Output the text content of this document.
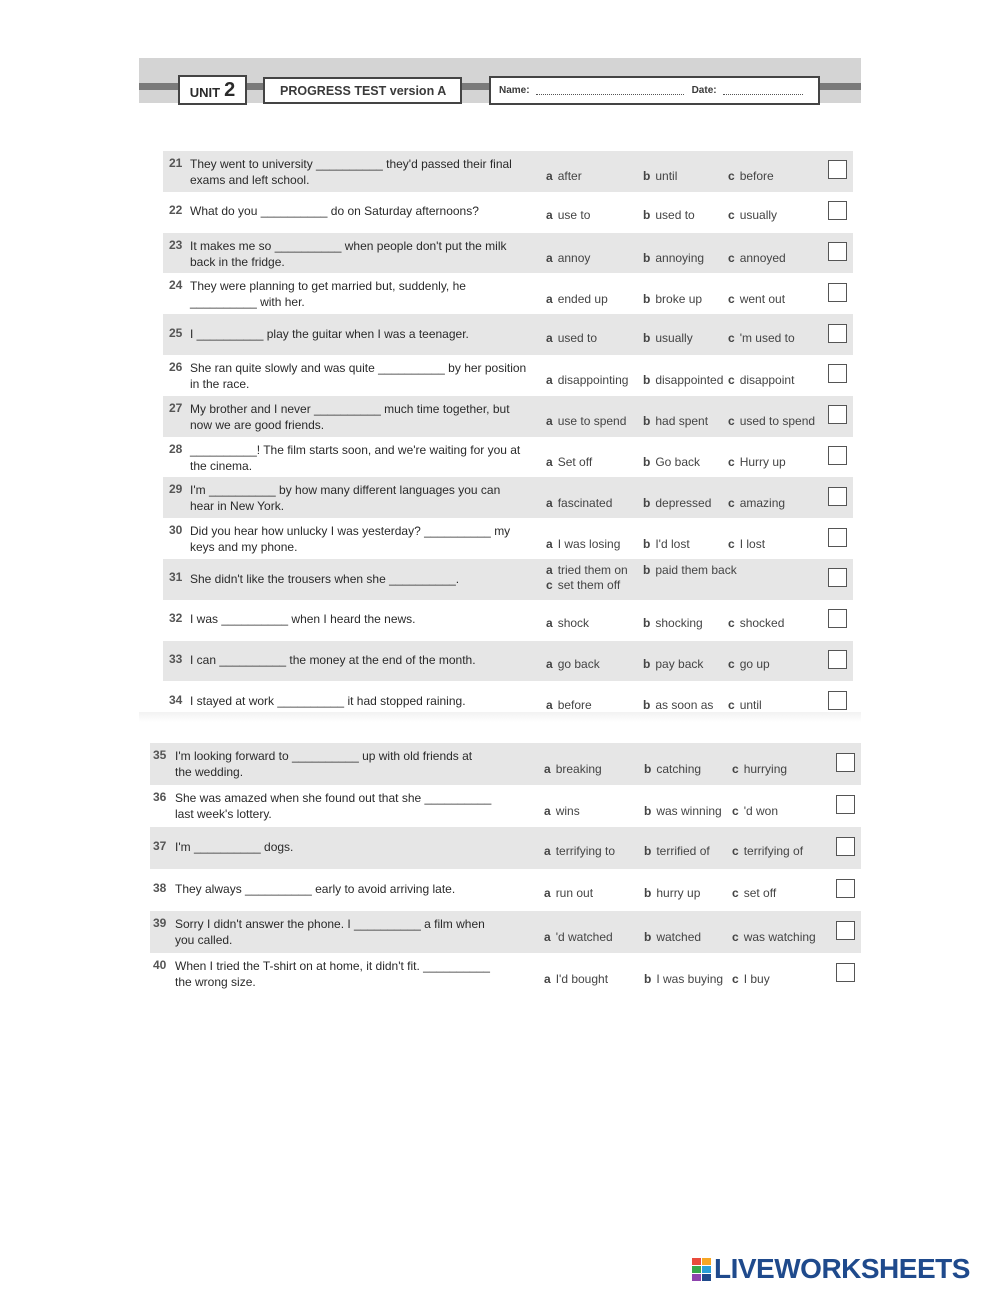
UNIT 2	PROGRESS TEST version A	Name:	Date:
21 They went to university __________ they'd passed their final
exams and left school.	a after	b until	c before
22 What do you __________ do on Saturday afternoons?	a use to	b used to	c usually
23 It makes me so __________ when people don't put the milk
back in the fridge.	a annoy	b annoying c annoyed
24 They were planning to get married but, suddenly, he
__________ with her.	a ended up	b broke up c went out
25 I __________ play the guitar when I was a teenager.	a used to	b usually	c 'm used to
26 She ran quite slowly and was quite __________ by her position
in the race.	a disappointing b disappointed c disappoint
27 My brother and I never __________ much time together, but
now we are good friends.	a use to spend b had spent c used to spend
28 __________! The film starts soon, and we're waiting for you at
the cinema.	a Set off	b Go back c Hurry up
29 I'm __________ by how many different languages you can
hear in New York.	a fascinated	b depressed c amazing
30 Did you hear how unlucky I was yesterday? __________ my
keys and my phone.	a I was losing b I'd lost	c I lost
31 She didn't like the trousers when she __________.
a tried them on b paid them back
c set them off
32 I was __________ when I heard the news.	a shock	b shocking c shocked
33 I can __________ the money at the end of the month.	a go back	b pay back c go up
34 I stayed at work __________ it had stopped raining.	a before	b as soon as c until
35 I'm looking forward to __________ up with old friends at
the wedding.	a breaking	b catching	c hurrying
36 She was amazed when she found out that she __________
last week's lottery.	a wins	b was winning c 'd won
37 I'm __________ dogs.	a terrifying to b terrified of c terrifying of
38 They always __________ early to avoid arriving late.	a run out	b hurry up	c set off
39 Sorry I didn't answer the phone. I __________ a film when
you called.	a 'd watched	b watched	c was watching
40 When I tried the T-shirt on at home, it didn't fit. __________
the wrong size.	a I'd bought	b I was buying c I buy
LIVEWORKSHEETS
